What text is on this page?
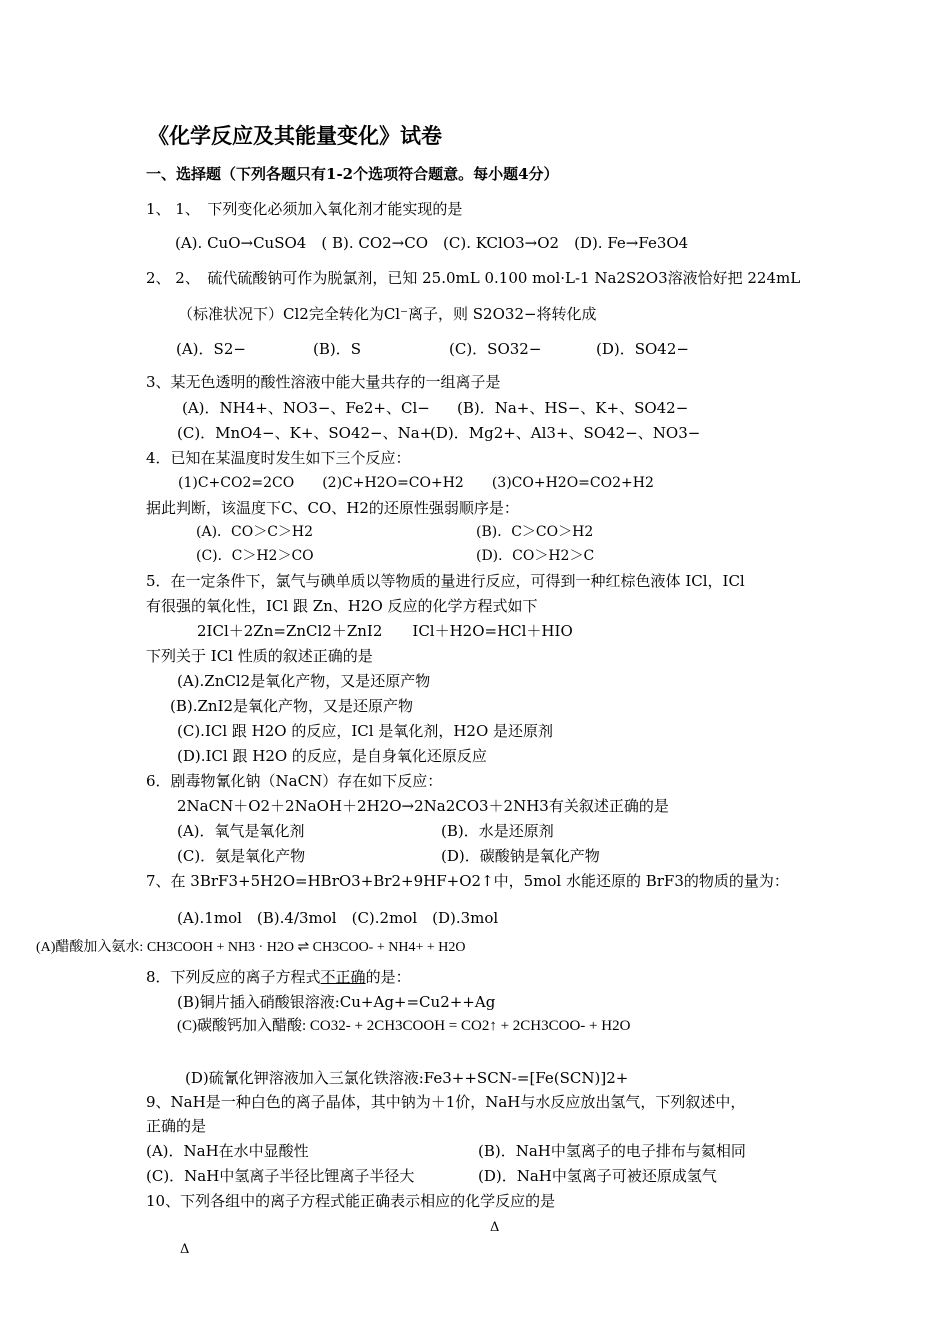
《化学反应及其能量变化》试卷
一、选择题（下列各题只有1-2个选项符合题意。每小题4分）
1、 1、　下列变化必须加入氧化剂才能实现的是
(A). CuO→CuSO4　( B). CO2→CO　(C). KClO3→O2　(D). Fe→Fe3O4
2、 2、　硫代硫酸钠可作为脱氯剂，已知 25.0mL 0.100 mol·L-1 Na2S2O3溶液恰好把 224mL
（标准状况下）Cl2完全转化为Cl⁻离子，则 S2O32−将转化成
(A)．S2−	(B)．S	(C)．SO32−	(D)．SO42−
3、某无色透明的酸性溶液中能大量共存的一组离子是
(A)．NH4+、NO3−、Fe2+、Cl− (B)．Na+、HS−、K+、SO42−
(C)．MnO4−、K+、SO42−、Na+
(D)．Mg2+、Al3+、SO42−、NO3−
4．已知在某温度时发生如下三个反应：
(1)C+CO2=2CO　　(2)C+H2O=CO+H2　　(3)CO+H2O=CO2+H2
据此判断，该温度下C、CO、H2的还原性强弱顺序是：
(A)．CO＞C＞H2	(B)．C＞CO＞H2
(C)．C＞H2＞CO	(D)．CO＞H2＞C
5．在一定条件下，氯气与碘单质以等物质的量进行反应，可得到一种红棕色液体 ICl，ICl
有很强的氧化性，ICl 跟 Zn、H2O 反应的化学方程式如下
2ICl＋2Zn=ZnCl2＋ZnI2　　ICl＋H2O=HCl＋HIO
下列关于 ICl 性质的叙述正确的是
(A).ZnCl2是氧化产物，又是还原产物
(B).ZnI2是氧化产物，又是还原产物
(C).ICl 跟 H2O 的反应，ICl 是氧化剂，H2O 是还原剂
(D).ICl 跟 H2O 的反应，是自身氧化还原反应
6．剧毒物氰化钠（NaCN）存在如下反应：
2NaCN＋O2＋2NaOH＋2H2O→2Na2CO3＋2NH3有关叙述正确的是
(A)．氧气是氧化剂	(B)．水是还原剂
(C)．氨是氧化产物	(D)．碳酸钠是氧化产物
7、在 3BrF3+5H2O=HBrO3+Br2+9HF+O2↑中，5mol 水能还原的 BrF3的物质的量为：
(A).1mol　(B).4/3mol　(C).2mol　(D).3mol
(A)醋酸加入氨水: CH3COOH + NH3 · H2O ⇌ CH3COO- + NH4+ + H2O
8．下列反应的离子方程式不正确的是：
(B)铜片插入硝酸银溶液:Cu+Ag+=Cu2++Ag
(C)碳酸钙加入醋酸: CO32- + 2CH3COOH = CO2↑ + 2CH3COO- + H2O
(D)硫氰化钾溶液加入三氯化铁溶液:Fe3++SCN-=[Fe(SCN)]2+
9、NaH是一种白色的离子晶体，其中钠为＋1价，NaH与水反应放出氢气，下列叙述中，
正确的是
(A)．NaH在水中显酸性	(B)．NaH中氢离子的电子排布与氦相同
(C)．NaH中氢离子半径比锂离子半径大	(D)．NaH中氢离子可被还原成氢气
10、下列各组中的离子方程式能正确表示相应的化学反应的是
Δ
Δ
